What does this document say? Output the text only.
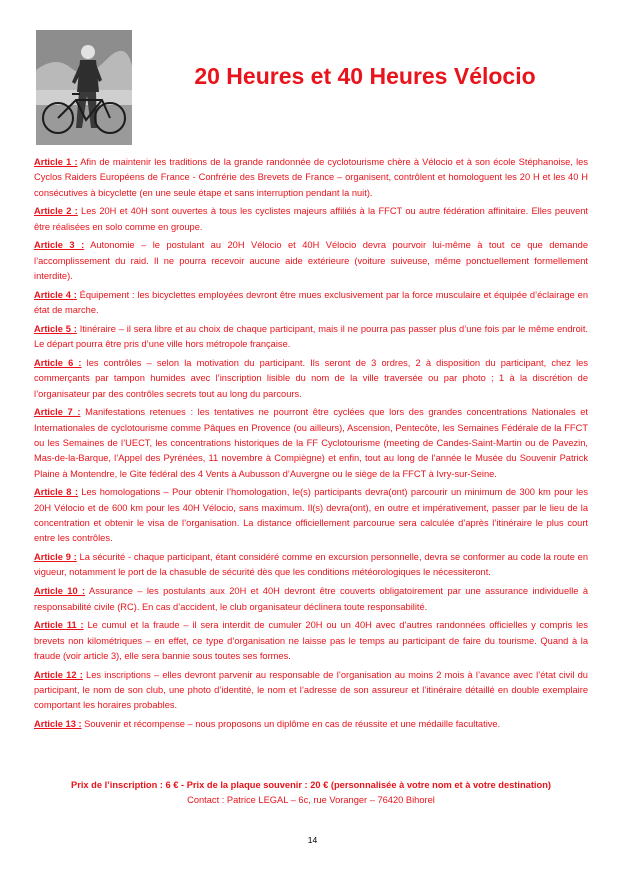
20 Heures et 40 Heures Vélocio

Article 1 : Afin de maintenir les traditions de la grande randonnée de cyclotourisme chère à Vélocio et à son école Stéphanoise, les Cyclos Raiders Européens de France - Confrérie des Brevets de France – organisent, contrôlent et homologuent les 20 H et les 40 H consécutives à bicyclette (en une seule étape et sans interruption pendant la nuit).

Article 2 : Les 20H et 40H sont ouvertes à tous les cyclistes majeurs affiliés à la FFCT ou autre fédération affinitaire. Elles peuvent être réalisées en solo comme en groupe.

Article 3 : Autonomie – le postulant au 20H Vélocio et 40H Vélocio devra pourvoir lui-même à tout ce que demande l’accomplissement du raid. Il ne pourra recevoir aucune aide extérieure (voiture suiveuse, même ponctuellement formellement interdite).

Article 4 : Équipement : les bicyclettes employées devront être mues exclusivement par la force musculaire et équipée d’éclairage en état de marche.

Article 5 : Itinéraire – il sera libre et au choix de chaque participant, mais il ne pourra pas passer plus d’une fois par le même endroit. Le départ pourra être pris d’une ville hors métropole française.

Article 6 : les contrôles – selon la motivation du participant. Ils seront de 3 ordres, 2 à disposition du participant, chez les commerçants par tampon humides avec l’inscription lisible du nom de la ville traversée ou par photo ; 1 à la discrétion de l’organisateur par des contrôles secrets tout au long du parcours.

Article 7 : Manifestations retenues : les tentatives ne pourront être cyclées que lors des grandes concentrations Nationales et Internationales de cyclotourisme comme Pâques en Provence (ou ailleurs), Ascension, Pentecôte, les Semaines Fédérale de la FFCT ou les Semaines de l’UECT, les concentrations historiques de la FF Cyclotourisme (meeting de Candes-Saint-Martin ou de Pavezin, Mas-de-la-Barque, l’Appel des Pyrénées, 11 novembre à Compiègne) et enfin, tout au long de l’année le Musée du Souvenir Patrick Plaine à Montendre, le Gite fédéral des 4 Vents à Aubusson d’Auvergne ou le siège de la FFCT à Ivry-sur-Seine.

Article 8 : Les homologations – Pour obtenir l’homologation, le(s) participants devra(ont) parcourir un minimum de 300 km pour les 20H Vélocio et de 600 km pour les 40H Vélocio, sans maximum. Il(s) devra(ont), en outre et impérativement, passer par le lieu de la concentration et obtenir le visa de l’organisation. La distance officiellement parcourue sera calculée d’après l’itinéraire le plus court entre les contrôles.

Article 9 : La sécurité - chaque participant, étant considéré comme en excursion personnelle, devra se conformer au code la route en vigueur, notamment le port de la chasuble de sécurité dès que les conditions météorologiques le nécessiteront.

Article 10 : Assurance – les postulants aux 20H et 40H devront être couverts obligatoirement par une assurance individuelle à responsabilité civile (RC). En cas d’accident, le club organisateur déclinera toute responsabilité.

Article 11 : Le cumul et la fraude – il sera interdit de cumuler 20H ou un 40H avec d’autres randonnées officielles y compris les brevets non kilométriques – en effet, ce type d’organisation ne laisse pas le temps au participant de faire du tourisme. Quand à la fraude (voir article 3), elle sera bannie sous toutes ses formes.

Article 12 : Les inscriptions – elles devront parvenir au responsable de l’organisation au moins 2 mois à l’avance avec l’état civil du participant, le nom de son club, une photo d’identité, le nom et l’adresse de son assureur et l’itinéraire détaillé en double exemplaire comportant les horaires probables.

Article 13 : Souvenir et récompense – nous proposons un diplôme en cas de réussite et une médaille facultative.

Prix de l’inscription : 6 € - Prix de la plaque souvenir : 20 € (personnalisée à votre nom et à votre destination)
Contact : Patrice LEGAL – 6c, rue Voranger – 76420 Bihorel
14
